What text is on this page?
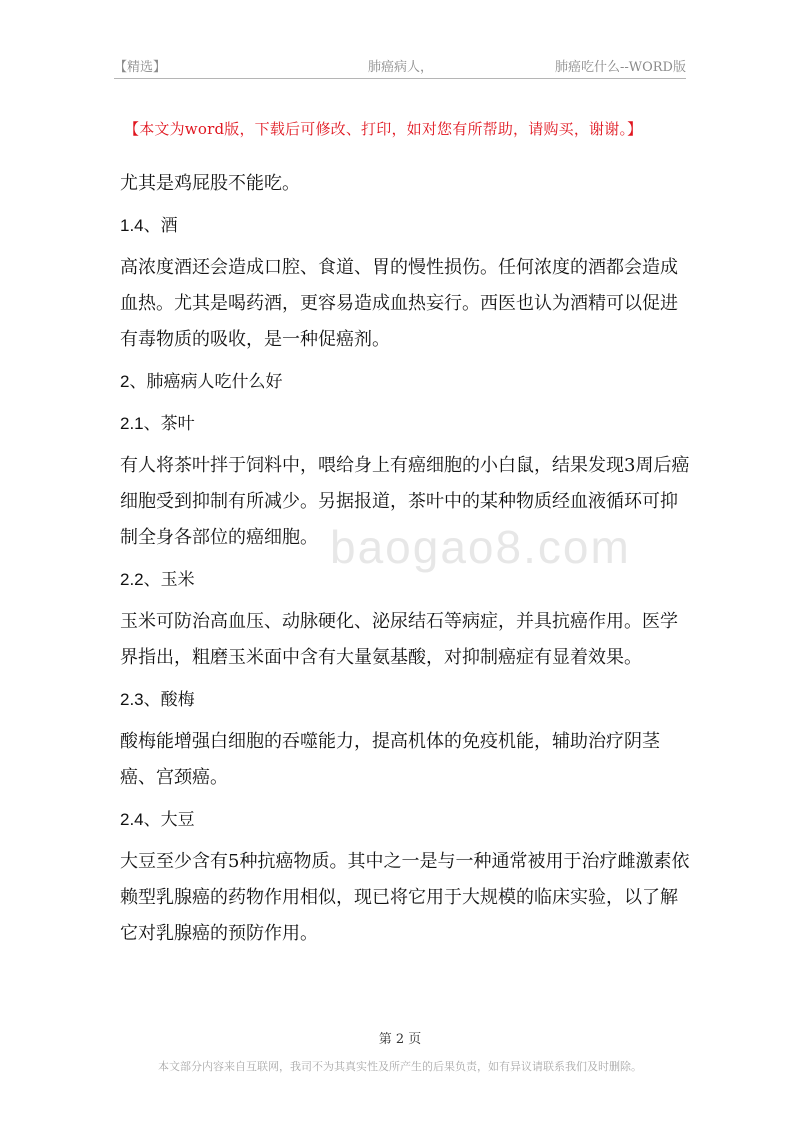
【精选】	肺癌病人，	肺癌吃什么--WORD版
【本文为word版，下载后可修改、打印，如对您有所帮助，请购买，谢谢。】

尤其是鸡屁股不能吃。

1.4、酒

高浓度酒还会造成口腔、食道、胃的慢性损伤。任何浓度的酒都会造成血热。尤其是喝药酒，更容易造成血热妄行。西医也认为酒精可以促进有毒物质的吸收，是一种促癌剂。

2、肺癌病人吃什么好

2.1、茶叶

有人将茶叶拌于饲料中，喂给身上有癌细胞的小白鼠，结果发现3周后癌细胞受到抑制有所减少。另据报道，茶叶中的某种物质经血液循环可抑制全身各部位的癌细胞。

2.2、玉米

玉米可防治高血压、动脉硬化、泌尿结石等病症，并具抗癌作用。医学界指出，粗磨玉米面中含有大量氨基酸，对抑制癌症有显着效果。

2.3、酸梅

酸梅能增强白细胞的吞噬能力，提高机体的免疫机能，辅助治疗阴茎癌、宫颈癌。

2.4、大豆

大豆至少含有5种抗癌物质。其中之一是与一种通常被用于治疗雌激素依赖型乳腺癌的药物作用相似，现已将它用于大规模的临床实验，以了解它对乳腺癌的预防作用。

baogao8.com
第 2 页
本文部分内容来自互联网，我司不为其真实性及所产生的后果负责，如有异议请联系我们及时删除。
